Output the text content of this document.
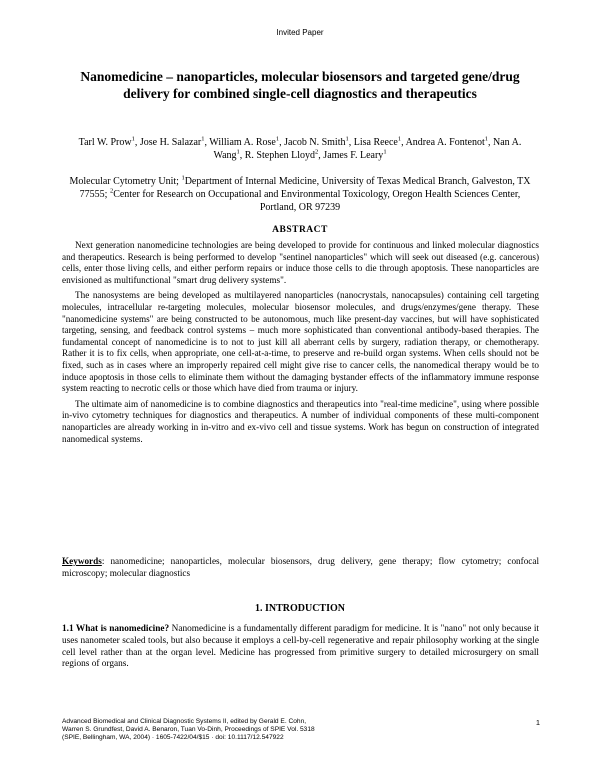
Invited Paper
Nanomedicine – nanoparticles, molecular biosensors and targeted gene/drug delivery for combined single-cell diagnostics and therapeutics
Tarl W. Prow$^1$, Jose H. Salazar$^1$, William A. Rose$^1$, Jacob N. Smith$^1$, Lisa Reece$^1$, Andrea A. Fontenot$^1$, Nan A. Wang$^1$, R. Stephen Lloyd$^2$, James F. Leary$^1$
Molecular Cytometry Unit; $^1$Department of Internal Medicine, University of Texas Medical Branch, Galveston, TX 77555; $^2$Center for Research on Occupational and Environmental Toxicology, Oregon Health Sciences Center, Portland, OR 97239
ABSTRACT

Next generation nanomedicine technologies are being developed to provide for continuous and linked molecular diagnostics and therapeutics. Research is being performed to develop "sentinel nanoparticles" which will seek out diseased (e.g. cancerous) cells, enter those living cells, and either perform repairs or induce those cells to die through apoptosis. These nanoparticles are envisioned as multifunctional "smart drug delivery systems".

The nanosystems are being developed as multilayered nanoparticles (nanocrystals, nanocapsules) containing cell targeting molecules, intracellular re-targeting molecules, molecular biosensor molecules, and drugs/enzymes/gene therapy. These "nanomedicine systems" are being constructed to be autonomous, much like present-day vaccines, but will have sophisticated targeting, sensing, and feedback control systems – much more sophisticated than conventional antibody-based therapies. The fundamental concept of nanomedicine is to not to just kill all aberrant cells by surgery, radiation therapy, or chemotherapy. Rather it is to fix cells, when appropriate, one cell-at-a-time, to preserve and re-build organ systems. When cells should not be fixed, such as in cases where an improperly repaired cell might give rise to cancer cells, the nanomedical therapy would be to induce apoptosis in those cells to eliminate them without the damaging bystander effects of the inflammatory immune response system reacting to necrotic cells or those which have died from trauma or injury.

The ultimate aim of nanomedicine is to combine diagnostics and therapeutics into "real-time medicine", using where possible in-vivo cytometry techniques for diagnostics and therapeutics. A number of individual components of these multi-component nanoparticles are already working in in-vitro and ex-vivo cell and tissue systems. Work has begun on construction of integrated nanomedical systems.

Keywords: nanomedicine; nanoparticles, molecular biosensors, drug delivery, gene therapy; flow cytometry; confocal microscopy; molecular diagnostics
1. INTRODUCTION
1.1 What is nanomedicine? Nanomedicine is a fundamentally different paradigm for medicine. It is "nano" not only because it uses nanometer scaled tools, but also because it employs a cell-by-cell regenerative and repair philosophy working at the single cell level rather than at the organ level. Medicine has progressed from primitive surgery to detailed microsurgery on small regions of organs.
Advanced Biomedical and Clinical Diagnostic Systems II, edited by Gerald E. Cohn,
Warren S. Grundfest, David A. Benaron, Tuan Vo-Dinh, Proceedings of SPIE Vol. 5318
(SPIE, Bellingham, WA, 2004) · 1605-7422/04/$15 · doi: 10.1117/12.547922
1
